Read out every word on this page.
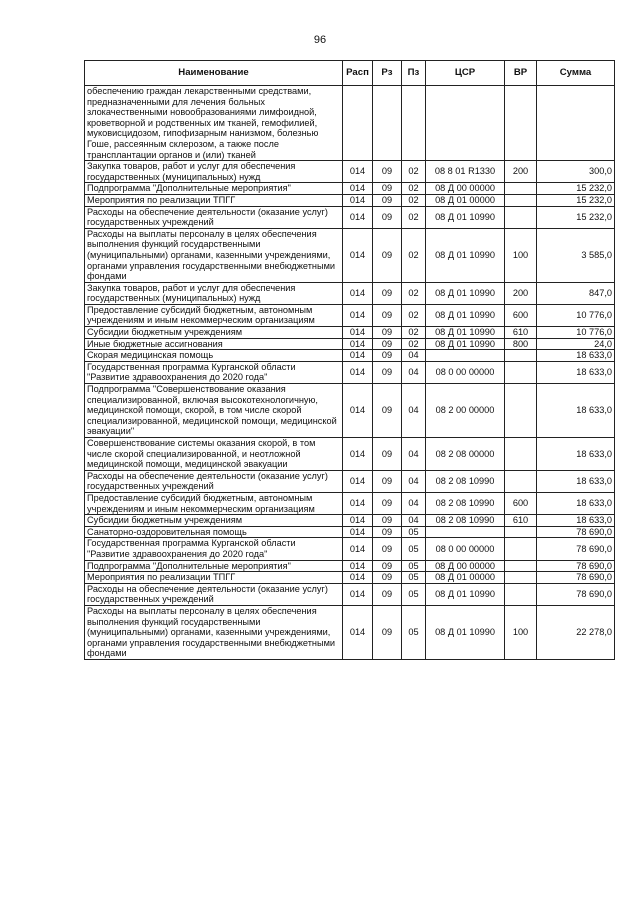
96
Наименование	Расп	Рз	Пз	ЦСР	ВР	Сумма
обеспечению граждан лекарственными средствами, предназначенными для лечения больных злокачественными новообразованиями лимфоидной, кроветворной и родственных им тканей, гемофилией, муковисцидозом, гипофизарным нанизмом, болезнью Гоше, рассеянным склерозом, а также после трансплантации органов и (или) тканей						
Закупка товаров, работ и услуг для обеспечения государственных (муниципальных) нужд	014	09	02	08 8 01 R1330	200	300,0
Подпрограмма "Дополнительные мероприятия"	014	09	02	08 Д 00 00000		15 232,0
Мероприятия по реализации ТПГГ	014	09	02	08 Д 01 00000		15 232,0
Расходы на обеспечение деятельности (оказание услуг) государственных учреждений	014	09	02	08 Д 01 10990		15 232,0
Расходы на выплаты персоналу в целях обеспечения выполнения функций государственными (муниципальными) органами, казенными учреждениями, органами управления государственными внебюджетными фондами	014	09	02	08 Д 01 10990	100	3 585,0
Закупка товаров, работ и услуг для обеспечения государственных (муниципальных) нужд	014	09	02	08 Д 01 10990	200	847,0
Предоставление субсидий бюджетным, автономным учреждениям и иным некоммерческим организациям	014	09	02	08 Д 01 10990	600	10 776,0
Субсидии бюджетным учреждениям	014	09	02	08 Д 01 10990	610	10 776,0
Иные бюджетные ассигнования	014	09	02	08 Д 01 10990	800	24,0
Скорая медицинская помощь	014	09	04			18 633,0
Государственная программа Курганской области "Развитие здравоохранения до 2020 года"	014	09	04	08 0 00 00000		18 633,0
Подпрограмма "Совершенствование оказания специализированной, включая высокотехнологичную, медицинской помощи, скорой, в том числе скорой специализированной, медицинской помощи, медицинской эвакуации"	014	09	04	08 2 00 00000		18 633,0
Совершенствование системы оказания скорой, в том числе скорой специализированной, и неотложной медицинской помощи, медицинской эвакуации	014	09	04	08 2 08 00000		18 633,0
Расходы на обеспечение деятельности (оказание услуг) государственных учреждений	014	09	04	08 2 08 10990		18 633,0
Предоставление субсидий бюджетным, автономным учреждениям и иным некоммерческим организациям	014	09	04	08 2 08 10990	600	18 633,0
Субсидии бюджетным учреждениям	014	09	04	08 2 08 10990	610	18 633,0
Санаторно-оздоровительная помощь	014	09	05			78 690,0
Государственная программа Курганской области "Развитие здравоохранения до 2020 года"	014	09	05	08 0 00 00000		78 690,0
Подпрограмма "Дополнительные мероприятия"	014	09	05	08 Д 00 00000		78 690,0
Мероприятия по реализации ТПГГ	014	09	05	08 Д 01 00000		78 690,0
Расходы на обеспечение деятельности (оказание услуг) государственных учреждений	014	09	05	08 Д 01 10990		78 690,0
Расходы на выплаты персоналу в целях обеспечения выполнения функций государственными (муниципальными) органами, казенными учреждениями, органами управления государственными внебюджетными фондами	014	09	05	08 Д 01 10990	100	22 278,0
